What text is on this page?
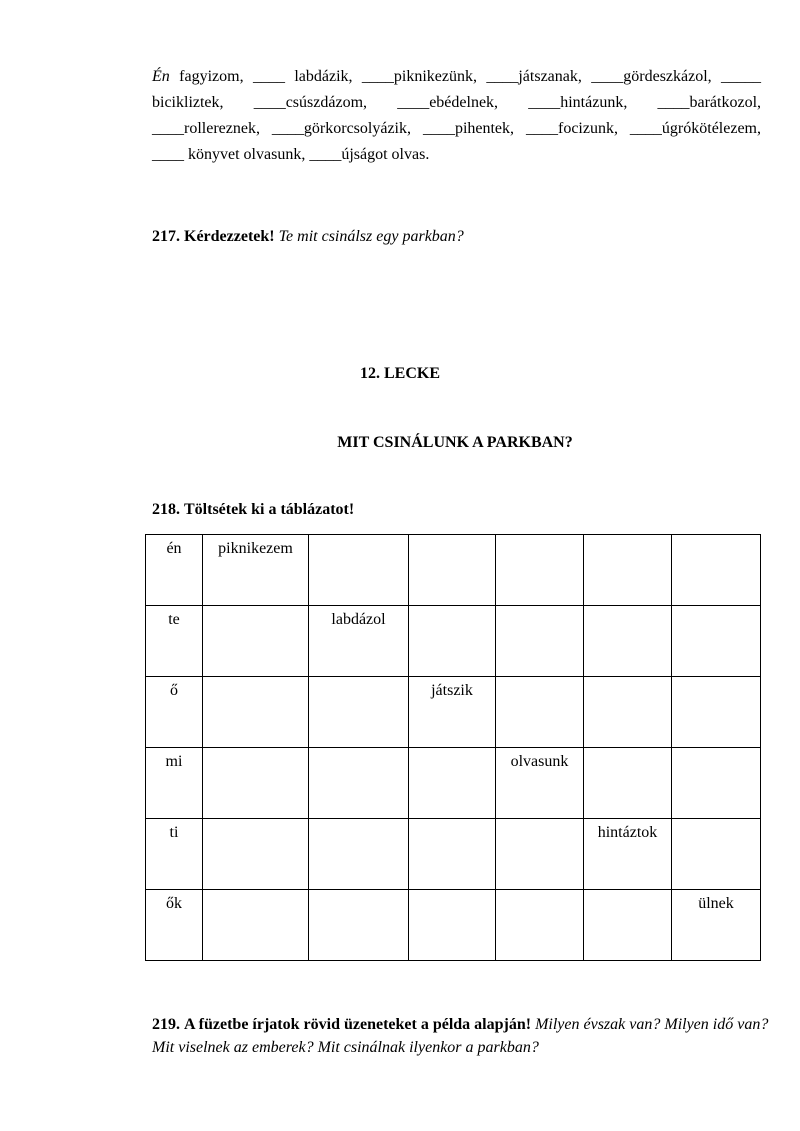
Én fagyizom, ____ labdázik, ____piknikezünk, ____játszanak, ____gördeszkázol, _____ bicikliztek, ____csúszdázom, ____ebédelnek, ____hintázunk, ____barátkozol, ____rollereznek, ____görkorcsolyázik, ____pihentek, ____focizunk, ____úgrókötélezem, ____ könyvet olvasunk, ____újságot olvas.
217. Kérdezzetek! Te mit csinálsz egy parkban?
12. LECKE
MIT CSINÁLUNK A PARKBAN?
218. Töltsétek ki a táblázatot!
én	piknikezem					
te		labdázol				
ő			játszik			
mi				olvasunk		
ti					hintáztok	
ők						ülnek
219. A füzetbe írjatok rövid üzeneteket a példa alapján! Milyen évszak van? Milyen idő van? Mit viselnek az emberek? Mit csinálnak ilyenkor a parkban?
